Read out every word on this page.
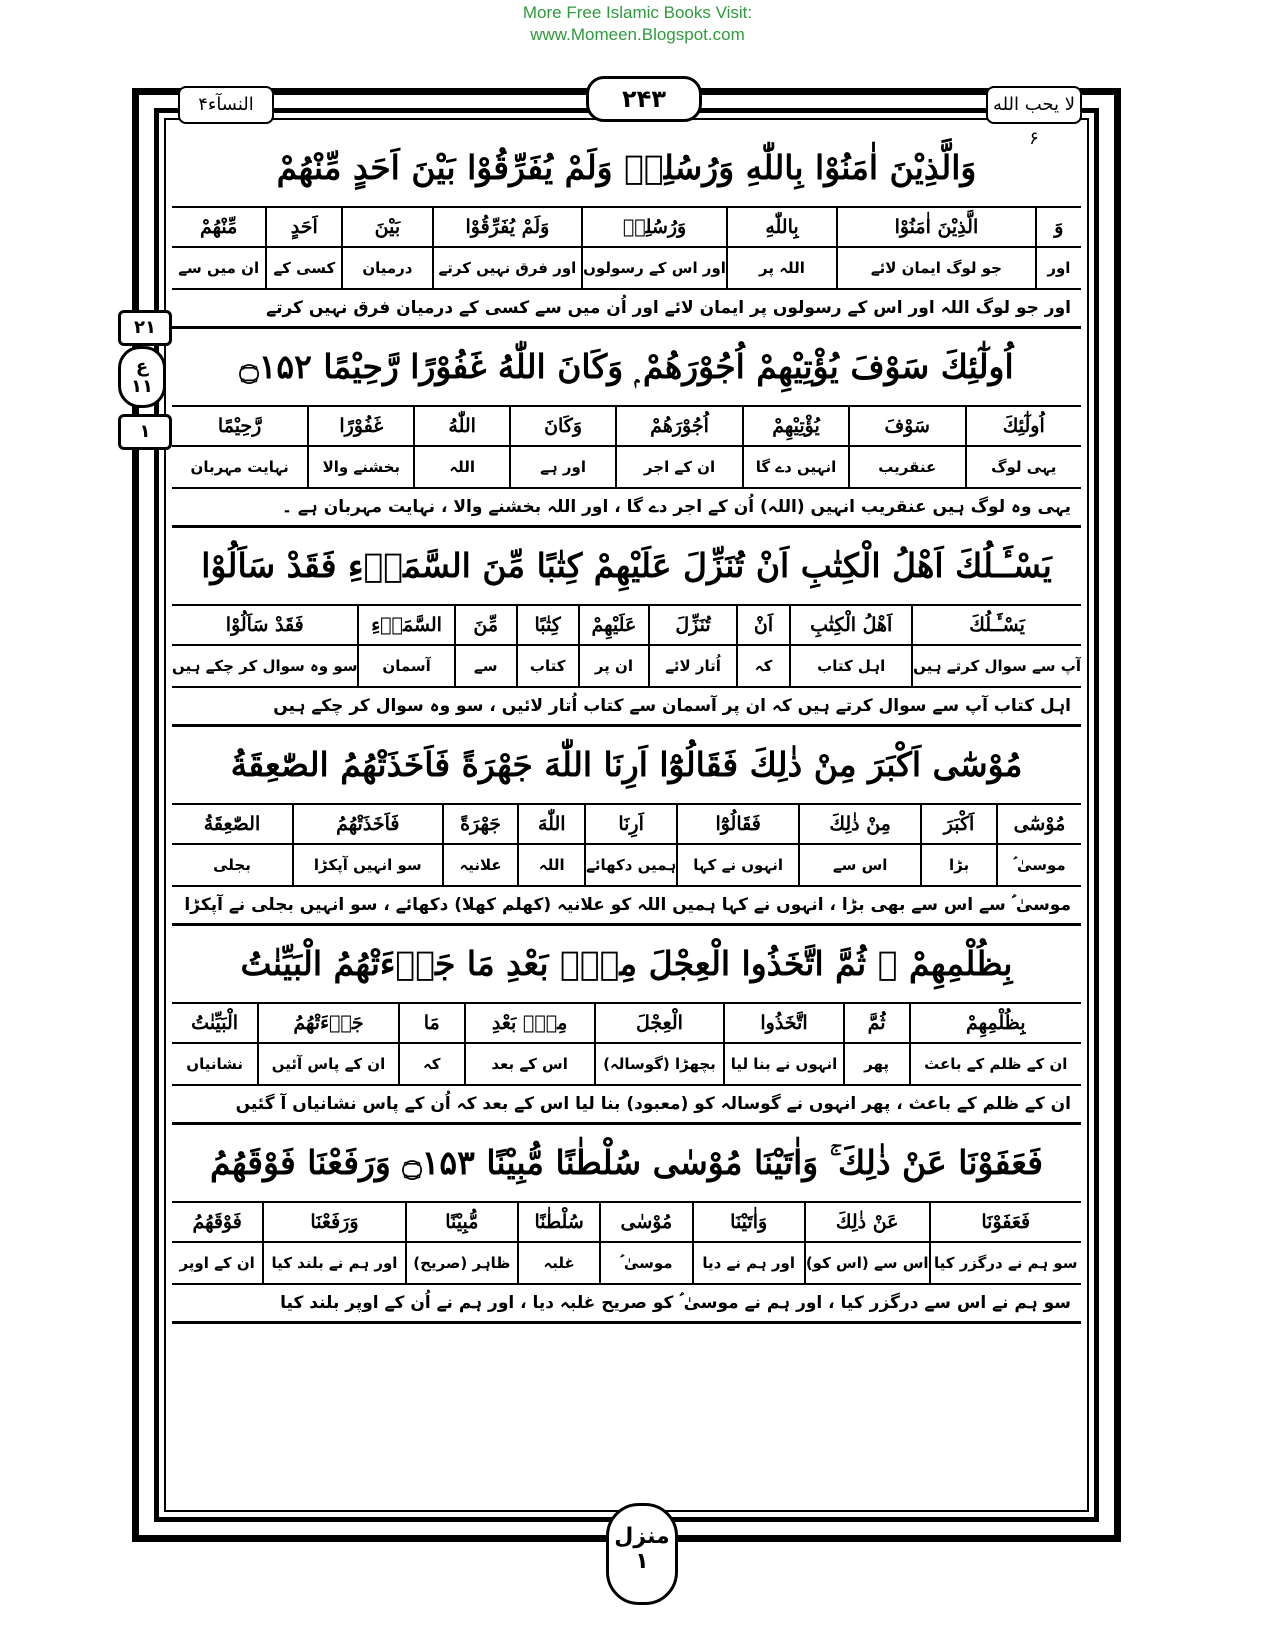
More Free Islamic Books Visit:
www.Momeen.Blogspot.com
النسآء۴	۲۴۳	لا يحب الله ۶
۲۱
ع
۱۱
۱
وَالَّذِيْنَ اٰمَنُوْا بِاللّٰهِ وَرُسُلِهٖ وَلَمْ يُفَرِّقُوْا بَيْنَ اَحَدٍ مِّنْهُمْ
وَ
اور
الَّذِيْنَ اٰمَنُوْا
جو لوگ ایمان لائے
بِاللّٰهِ
اللہ پر
وَرُسُلِهٖ
اور اس کے رسولوں
وَلَمْ يُفَرِّقُوْا
اور فرق نہیں کرتے
بَيْنَ
درمیان
اَحَدٍ
کسی کے
مِّنْهُمْ
ان میں سے
اور جو لوگ اللہ اور اس کے رسولوں پر ایمان لائے اور اُن میں سے کسی کے درمیان فرق نہیں کرتے
اُولٰٓئِكَ سَوْفَ يُؤْتِيْهِمْ اُجُوْرَهُمْ ۭ وَكَانَ اللّٰهُ غَفُوْرًا رَّحِيْمًا ۝۱۵۲
اُولٰٓئِكَ
یہی لوگ
سَوْفَ
عنقریب
يُؤْتِيْهِمْ
انہیں دے گا
اُجُوْرَهُمْ
ان کے اجر
وَكَانَ
اور ہے
اللّٰهُ
اللہ
غَفُوْرًا
بخشنے والا
رَّحِيْمًا
نہایت مہربان
یہی وہ لوگ ہیں عنقریب انہیں (اللہ) اُن کے اجر دے گا ، اور اللہ بخشنے والا ، نہایت مہربان ہے ۔
يَسْـَٔـلُكَ اَهْلُ الْكِتٰبِ اَنْ تُنَزِّلَ عَلَيْهِمْ كِتٰبًا مِّنَ السَّمَاۗءِ فَقَدْ سَاَلُوْا
يَسْـَٔـلُكَ
آپ سے سوال کرتے ہیں
اَهْلُ الْكِتٰبِ
اہل کتاب
اَنْ
کہ
تُنَزِّلَ
اُتار لائے
عَلَيْهِمْ
ان پر
كِتٰبًا
کتاب
مِّنَ
سے
السَّمَاۗءِ
آسمان
فَقَدْ سَاَلُوْا
سو وہ سوال کر چکے ہیں
اہل کتاب آپ سے سوال کرتے ہیں کہ ان پر آسمان سے کتاب اُتار لائیں ، سو وہ سوال کر چکے ہیں
مُوْسٰٓى اَكْبَرَ مِنْ ذٰلِكَ فَقَالُوْٓا اَرِنَا اللّٰهَ جَهْرَةً فَاَخَذَتْهُمُ الصّٰعِقَةُ
مُوْسٰٓى
موسیٰ ؑ
اَكْبَرَ
بڑا
مِنْ ذٰلِكَ
اس سے
فَقَالُوْٓا
انہوں نے کہا
اَرِنَا
ہمیں دکھائے
اللّٰهَ
اللہ
جَهْرَةً
علانیہ
فَاَخَذَتْهُمُ
سو انہیں آپکڑا
الصّٰعِقَةُ
بجلی
موسیٰ ؑ سے اس سے بھی بڑا ، انہوں نے کہا ہمیں اللہ کو علانیہ (کھلم کھلا) دکھائے ، سو انہیں بجلی نے آپکڑا
بِظُلْمِهِمْ ۚ ثُمَّ اتَّخَذُوا الْعِجْلَ مِنْۢ بَعْدِ مَا جَاۗءَتْهُمُ الْبَيِّنٰتُ
بِظُلْمِهِمْ
ان کے ظلم کے باعث
ثُمَّ
پھر
اتَّخَذُوا
انہوں نے بنا لیا
الْعِجْلَ
بچھڑا (گوسالہ)
مِنْۢ بَعْدِ
اس کے بعد
مَا
کہ
جَاۗءَتْهُمُ
ان کے پاس آئیں
الْبَيِّنٰتُ
نشانیاں
ان کے ظلم کے باعث ، پھر انہوں نے گوسالہ کو (معبود) بنا لیا اس کے بعد کہ اُن کے پاس نشانیاں آ گئیں
فَعَفَوْنَا عَنْ ذٰلِكَ ۚ وَاٰتَيْنَا مُوْسٰى سُلْطٰنًا مُّبِيْنًا ۝۱۵۳ وَرَفَعْنَا فَوْقَهُمُ
فَعَفَوْنَا
سو ہم نے درگزر کیا
عَنْ ذٰلِكَ
اس سے (اس کو)
وَاٰتَيْنَا
اور ہم نے دیا
مُوْسٰى
موسیٰ ؑ
سُلْطٰنًا
غلبہ
مُّبِيْنًا
ظاہر (صریح)
وَرَفَعْنَا
اور ہم نے بلند کیا
فَوْقَهُمُ
ان کے اوپر
سو ہم نے اس سے درگزر کیا ، اور ہم نے موسیٰ ؑ کو صریح غلبہ دیا ، اور ہم نے اُن کے اوپر بلند کیا
منزل
۱
